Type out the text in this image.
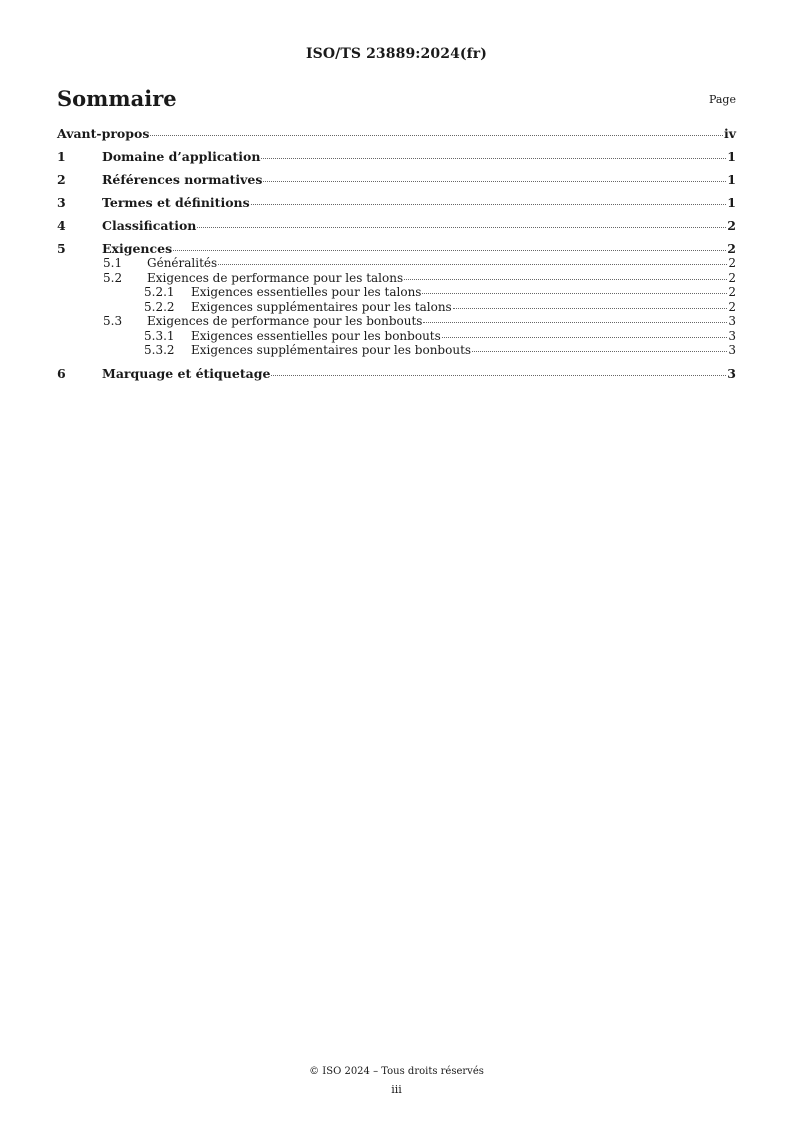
ISO/TS 23889:2024(fr)
Sommaire	Page
Avant-propos	iv
1	Domaine d’application	1
2	Références normatives	1
3	Termes et définitions	1
4	Classification	2
5	Exigences	2
5.1	Généralités	2
5.2	Exigences de performance pour les talons	2
5.2.1	Exigences essentielles pour les talons	2
5.2.2	Exigences supplémentaires pour les talons	2
5.3	Exigences de performance pour les bonbouts	3
5.3.1	Exigences essentielles pour les bonbouts	3
5.3.2	Exigences supplémentaires pour les bonbouts	3
6	Marquage et étiquetage	3
© ISO 2024 – Tous droits réservés
iii
